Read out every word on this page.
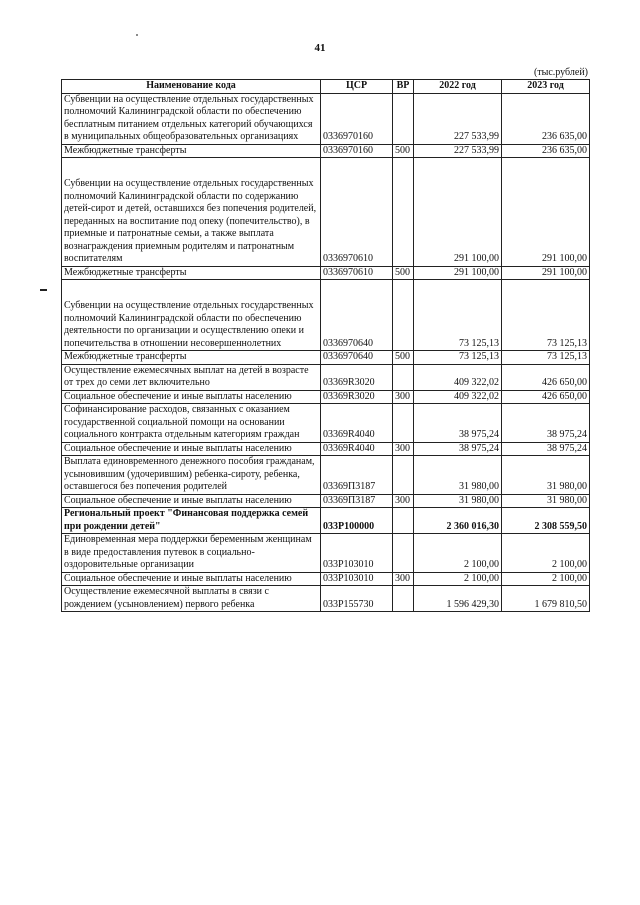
41
(тыс.рублей)
Наименование кода	ЦСР	ВР	2022 год	2023 год
Субвенции на осуществление отдельных государственных полномочий Калининградской области по обеспечению бесплатным питанием отдельных категорий обучающихся в муниципальных общеобразовательных организациях	0336970160		227 533,99	236 635,00
Межбюджетные трансферты	0336970160	500	227 533,99	236 635,00
Субвенции на осуществление отдельных государственных полномочий Калининградской области по содержанию детей-сирот и детей, оставшихся без попечения родителей, переданных на воспитание под опеку (попечительство), в приемные и патронатные семьи, а также выплата вознаграждения приемным родителям и патронатным воспитателям	0336970610		291 100,00	291 100,00
Межбюджетные трансферты	0336970610	500	291 100,00	291 100,00
Субвенции на осуществление отдельных государственных полномочий Калининградской области по обеспечению деятельности по организации и осуществлению опеки и попечительства в отношении несовершеннолетних	0336970640		73 125,13	73 125,13
Межбюджетные трансферты	0336970640	500	73 125,13	73 125,13
Осуществление ежемесячных выплат на детей в возрасте от трех до семи лет включительно	03369R3020		409 322,02	426 650,00
Социальное обеспечение и иные выплаты населению	03369R3020	300	409 322,02	426 650,00
Софинансирование расходов, связанных с оказанием государственной социальной помощи на основании социального контракта отдельным категориям граждан	03369R4040		38 975,24	38 975,24
Социальное обеспечение и иные выплаты населению	03369R4040	300	38 975,24	38 975,24
Выплата единовременного денежного пособия гражданам, усыновившим (удочерившим) ребенка-сироту, ребенка, оставшегося без попечения родителей	03369П3187		31 980,00	31 980,00
Социальное обеспечение и иные выплаты населению	03369П3187	300	31 980,00	31 980,00
Региональный проект "Финансовая поддержка семей при рождении детей"	033P100000		2 360 016,30	2 308 559,50
Единовременная мера поддержки беременным женщинам в виде предоставления путевок в социально-оздоровительные организации	033P103010		2 100,00	2 100,00
Социальное обеспечение и иные выплаты населению	033P103010	300	2 100,00	2 100,00
Осуществление ежемесячной выплаты в связи с рождением (усыновлением) первого ребенка	033P155730		1 596 429,30	1 679 810,50
